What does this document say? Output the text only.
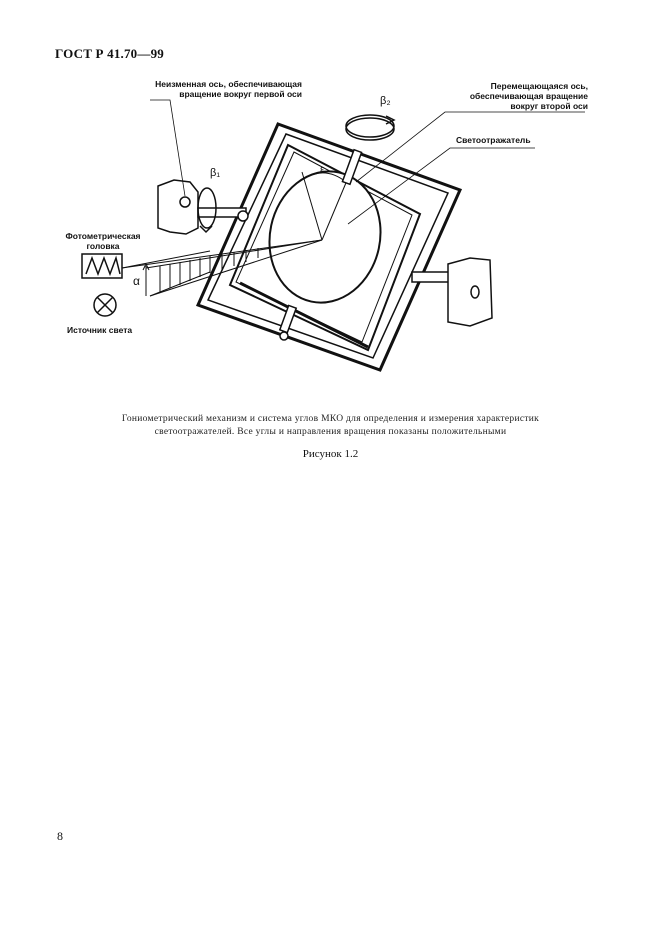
ГОСТ Р 41.70—99
Неизменная ось, обеспечивающая
вращение вокруг первой оси
Перемещающаяся ось,
обеспечивающая вращение
вокруг второй оси
Светоотражатель
Фотометрическая
головка
Источник света
β₁
β₂
α
ε
Гониометрический механизм и система углов МКО для определения и измерения характеристик
светоотражателей. Все углы и направления вращения показаны положительными
Рисунок 1.2
8
